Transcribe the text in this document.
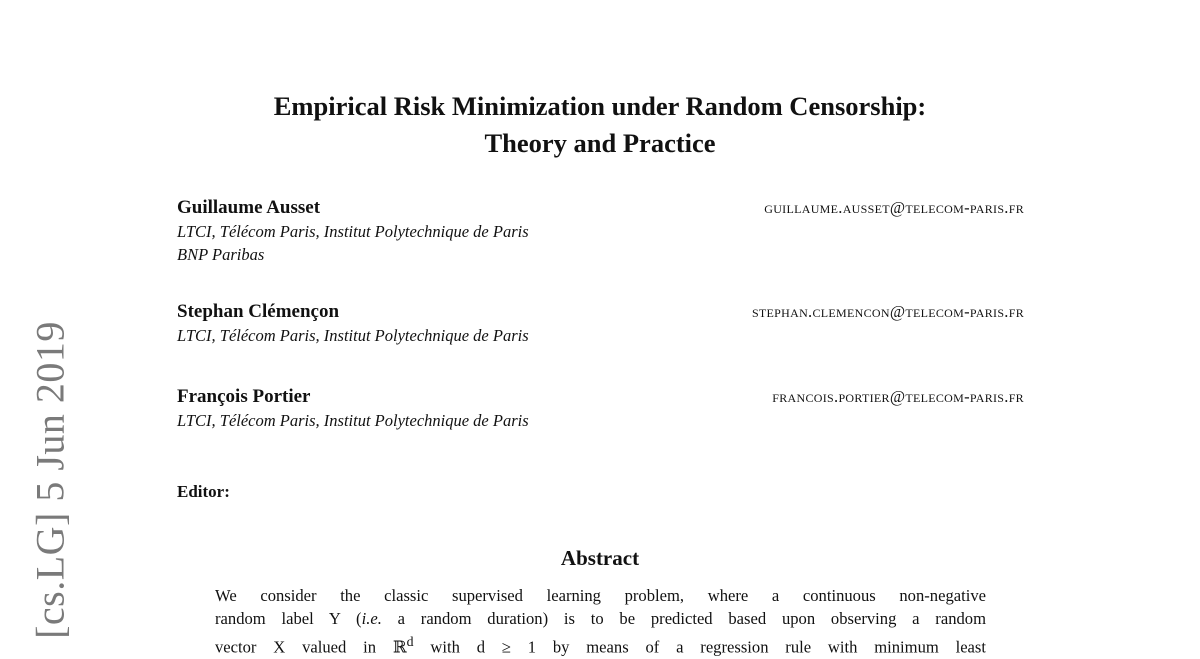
[cs.LG] 5 Jun 2019
Empirical Risk Minimization under Random Censorship:
Theory and Practice
Guillaume Ausset	guillaume.ausset@telecom-paris.fr
LTCI, Télécom Paris, Institut Polytechnique de Paris
BNP Paribas
Stephan Clémençon	stephan.clemencon@telecom-paris.fr
LTCI, Télécom Paris, Institut Polytechnique de Paris
François Portier	francois.portier@telecom-paris.fr
LTCI, Télécom Paris, Institut Polytechnique de Paris
Editor:
Abstract
We consider the classic supervised learning problem, where a continuous non-negative
random label Y (i.e. a random duration) is to be predicted based upon observing a random
vector X valued in ℝ$^d$ with d ≥ 1 by means of a regression rule with minimum least
